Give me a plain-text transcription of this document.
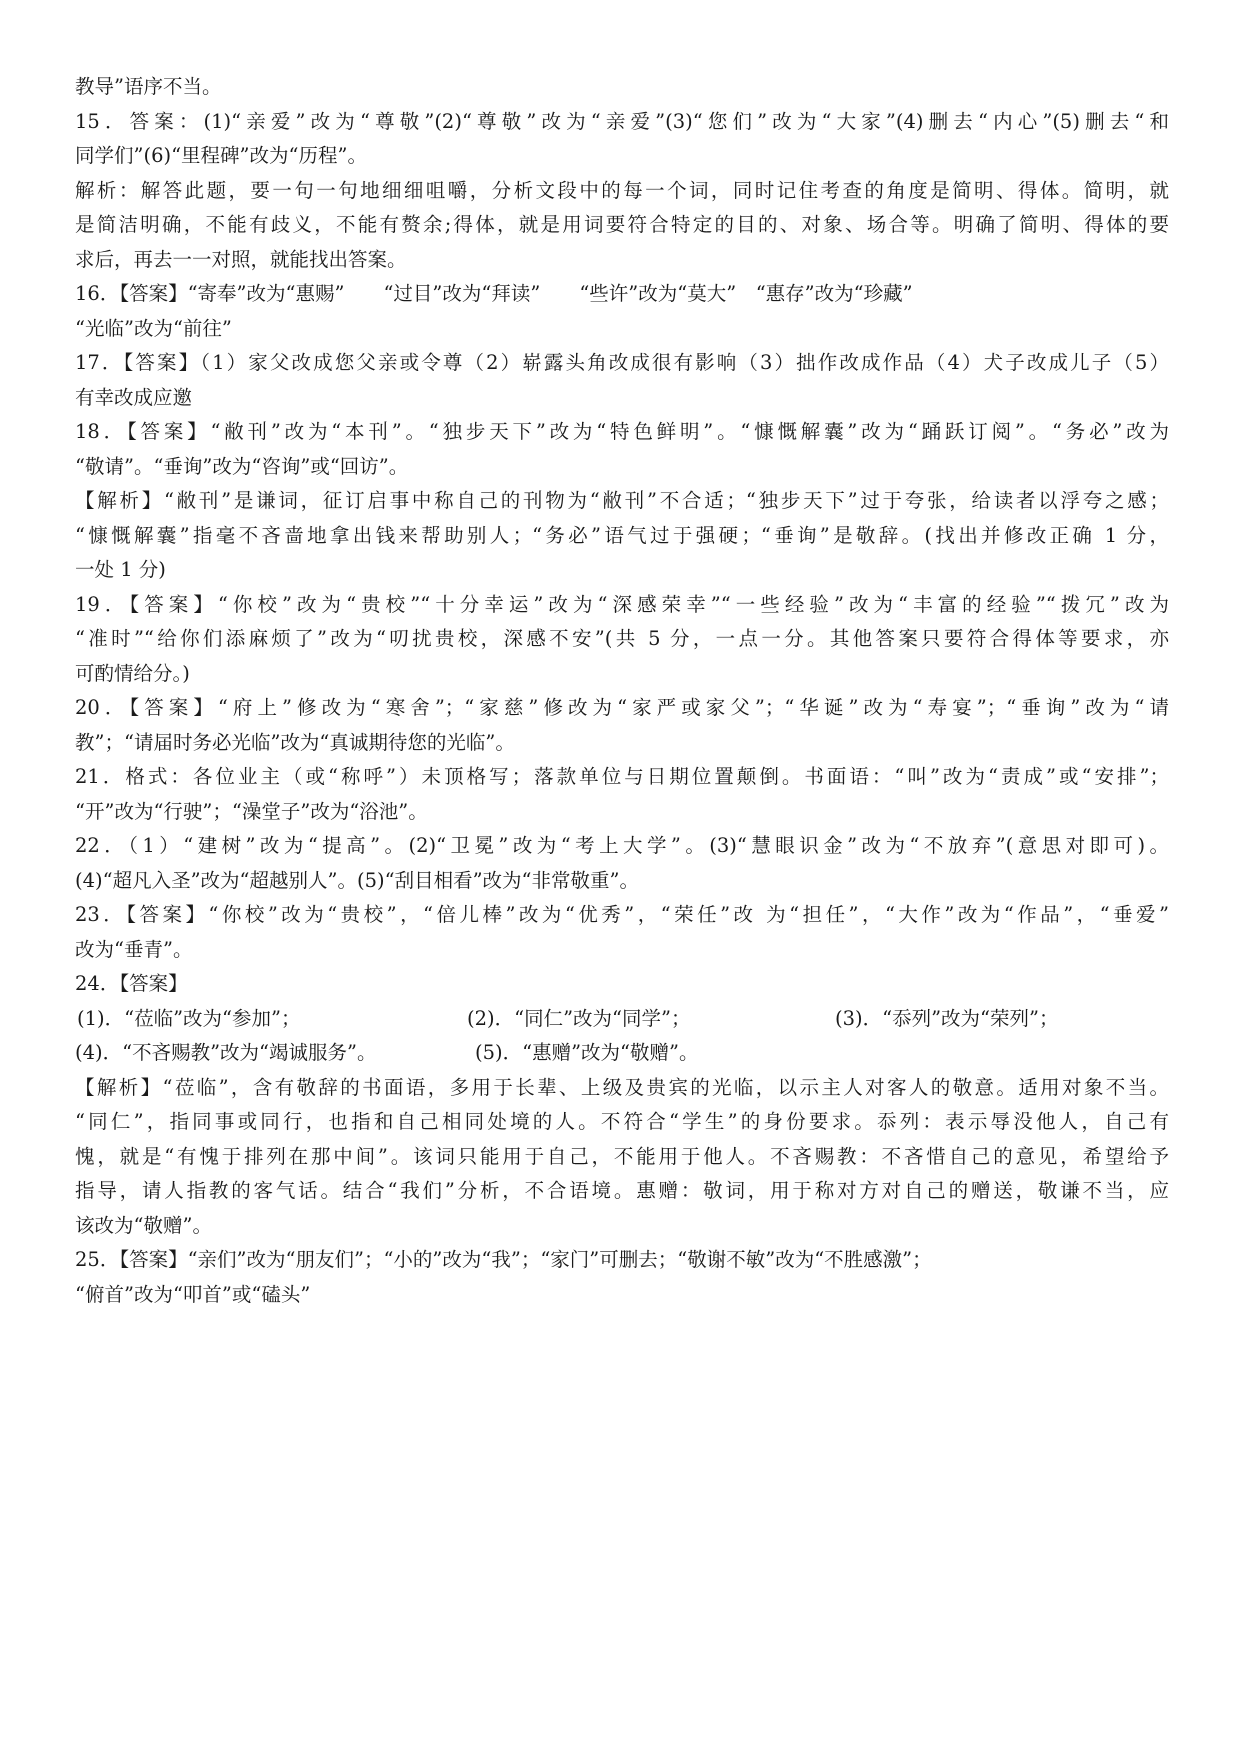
教导”语序不当。
15．答案：(1)“亲爱”改为“尊敬”(2)“尊敬”改为“亲爱”(3)“您们”改为“大家”(4)删去“内心”(5)删去“和
同学们”(6)“里程碑”改为“历程”。
解析：解答此题，要一句一句地细细咀嚼，分析文段中的每一个词，同时记住考查的角度是简明、得体。简明，就
是简洁明确，不能有歧义，不能有赘余;得体，就是用词要符合特定的目的、对象、场合等。明确了简明、得体的要
求后，再去一一对照，就能找出答案。
16．【答案】“寄奉”改为“惠赐”　　“过目”改为“拜读”　　“些许”改为“莫大”　“惠存”改为“珍藏”
“光临”改为“前往”
17．【答案】（1）家父改成您父亲或令尊（2）崭露头角改成很有影响（3）拙作改成作品（4）犬子改成儿子（5）
有幸改成应邀
18．【答案】“敝刊”改为“本刊”。“独步天下”改为“特色鲜明”。“慷慨解囊”改为“踊跃订阅”。“务必”改为
“敬请”。“垂询”改为“咨询”或“回访”。
【解析】“敝刊”是谦词，征订启事中称自己的刊物为“敝刊”不合适；“独步天下”过于夸张，给读者以浮夸之感；
“慷慨解囊”指毫不吝啬地拿出钱来帮助别人；“务必”语气过于强硬；“垂询”是敬辞。(找出并修改正确 1 分，
一处 1 分)
19．【答案】“你校”改为“贵校”“十分幸运”改为“深感荣幸”“一些经验”改为“丰富的经验”“拨冗”改为
“准时”“给你们添麻烦了”改为“叨扰贵校，深感不安”(共 5 分，一点一分。其他答案只要符合得体等要求，亦
可酌情给分。)
20．【答案】“府上”修改为“寒舍”；“家慈”修改为“家严或家父”；“华诞”改为“寿宴”；“垂询”改为“请
教”；“请届时务必光临”改为“真诚期待您的光临”。
21．格式：各位业主（或“称呼”）未顶格写；落款单位与日期位置颠倒。书面语：“叫”改为“责成”或“安排”；
“开”改为“行驶”；“澡堂子”改为“浴池”。
22．（1）“建树”改为“提高”。(2)“卫冕”改为“考上大学”。(3)“慧眼识金”改为“不放弃”(意思对即可)。
(4)“超凡入圣”改为“超越别人”。(5)“刮目相看”改为“非常敬重”。
23．【答案】“你校”改为“贵校”，“倍儿棒”改为“优秀”，“荣任”改 为“担任”，“大作”改为“作品”，“垂爱”
改为“垂青”。
24．【答案】
(1)．“莅临”改为“参加”；	(2)．“同仁”改为“同学”；	(3)．“忝列”改为“荣列”；
(4)．“不吝赐教”改为“竭诚服务”。	(5)．“惠赠”改为“敬赠”。
【解析】“莅临”，含有敬辞的书面语，多用于长辈、上级及贵宾的光临，以示主人对客人的敬意。适用对象不当。
“同仁”，指同事或同行，也指和自己相同处境的人。不符合“学生”的身份要求。忝列：表示辱没他人，自己有
愧，就是“有愧于排列在那中间”。该词只能用于自己，不能用于他人。不吝赐教：不吝惜自己的意见，希望给予
指导，请人指教的客气话。结合“我们”分析，不合语境。惠赠：敬词，用于称对方对自己的赠送，敬谦不当，应
该改为“敬赠”。
25．【答案】“亲们”改为“朋友们”；“小的”改为“我”；“家门”可删去；“敬谢不敏”改为“不胜感激”；
“俯首”改为“叩首”或“磕头”
